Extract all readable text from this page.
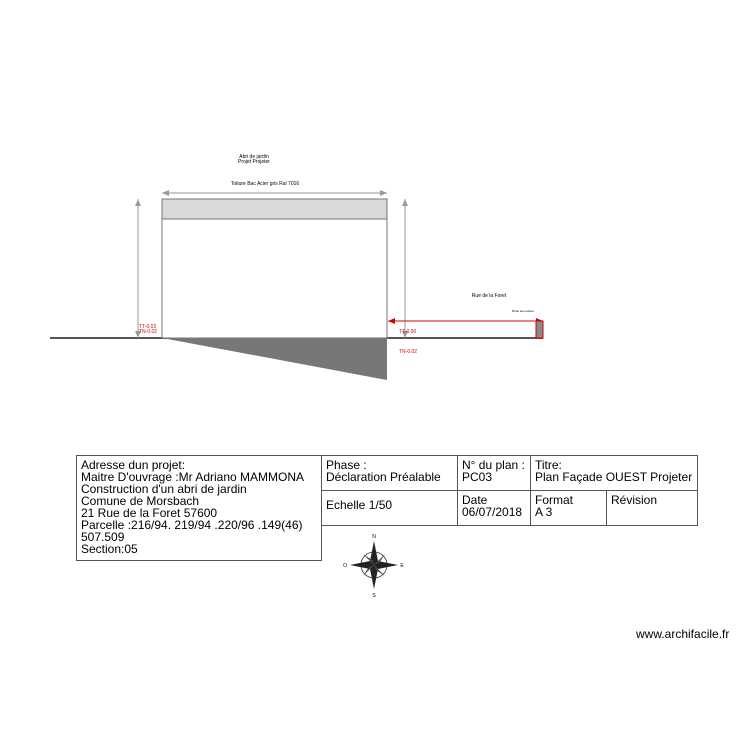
Abri de jardin
Projet Projeter
Toiture Bac Acier gris Ral 7016
Rue de la Foret
Boite aux lettres
TT-0.02
TN-0.02	TT-0.00
TN-0.02
N
S
E
O
Adresse dun projet:
Maitre D'ouvrage :Mr Adriano MAMMONA
Construction d'un abri de jardin
Comune de Morsbach
21 Rue de la Foret 57600
Parcelle :216/94. 219/94 .220/96 .149(46)
507.509
Section:05
Phase :
Déclaration Préalable
N° du plan :
PC03
Titre:
Plan Façade OUEST Projeter
Echelle 1/50	Date
06/07/2018
Format
A 3
Révision
www.archifacile.fr
